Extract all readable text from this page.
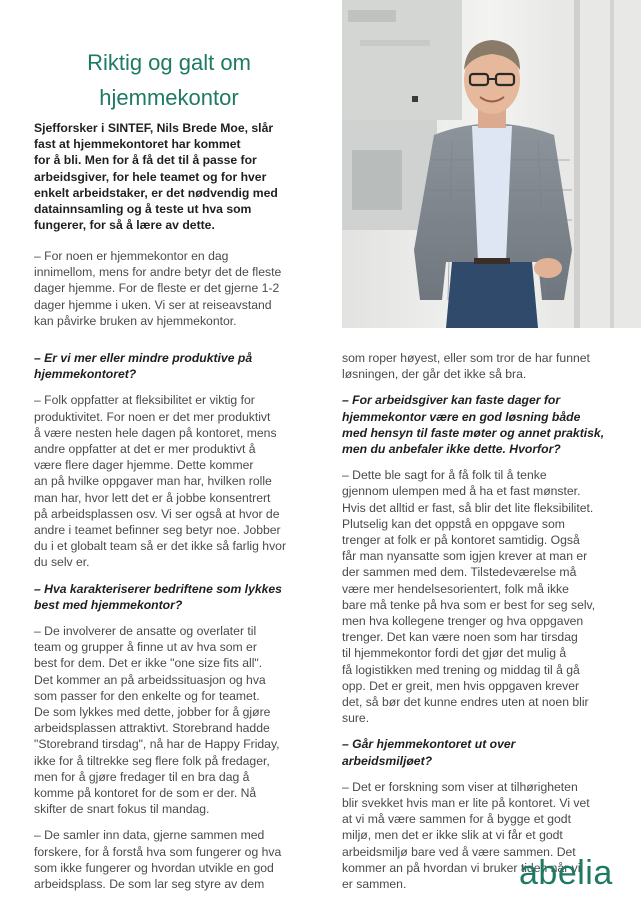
Riktig og galt om
hjemmekontor
Sjefforsker i SINTEF, Nils Brede Moe, slår
fast at hjemmekontoret har kommet
for å bli. Men for å få det til å passe for
arbeidsgiver, for hele teamet og for hver
enkelt arbeidstaker, er det nødvendig med
datainnsamling og å teste ut hva som
fungerer, for så å lære av dette.
– For noen er hjemmekontor en dag
innimellom, mens for andre betyr det de fleste
dager hjemme. For de fleste er det gjerne 1-2
dager hjemme i uken. Vi ser at reiseavstand
kan påvirke bruken av hjemmekontor.

– Er vi mer eller mindre produktive på
hjemmekontoret?

– Folk oppfatter at fleksibilitet er viktig for
produktivitet. For noen er det mer produktivt
å være nesten hele dagen på kontoret, mens
andre oppfatter at det er mer produktivt å
være flere dager hjemme. Dette kommer
an på hvilke oppgaver man har, hvilken rolle
man har, hvor lett det er å jobbe konsentrert
på arbeidsplassen osv. Vi ser også at hvor de
andre i teamet befinner seg betyr noe. Jobber
du i et globalt team så er det ikke så farlig hvor
du selv er.

– Hva karakteriserer bedriftene som lykkes
best med hjemmekontor?

– De involverer de ansatte og overlater til
team og grupper å finne ut av hva som er
best for dem. Det er ikke "one size fits all".
Det kommer an på arbeidssituasjon og hva
som passer for den enkelte og for teamet.
De som lykkes med dette, jobber for å gjøre
arbeidsplassen attraktivt. Storebrand hadde
"Storebrand tirsdag", nå har de Happy Friday,
ikke for å tiltrekke seg flere folk på fredager,
men for å gjøre fredager til en bra dag å
komme på kontoret for de som er der. Nå
skifter de snart fokus til mandag.

– De samler inn data, gjerne sammen med
forskere, for å forstå hva som fungerer og hva
som ikke fungerer og hvordan utvikle en god
arbeidsplass. De som lar seg styre av dem

som roper høyest, eller som tror de har funnet
løsningen, der går det ikke så bra.

– For arbeidsgiver kan faste dager for
hjemmekontor være en god løsning både
med hensyn til faste møter og annet praktisk,
men du anbefaler ikke dette. Hvorfor?

– Dette ble sagt for å få folk til å tenke
gjennom ulempen med å ha et fast mønster.
Hvis det alltid er fast, så blir det lite fleksibilitet.
Plutselig kan det oppstå en oppgave som
trenger at folk er på kontoret samtidig. Også
får man nyansatte som igjen krever at man er
der sammen med dem. Tilstedeværelse må
være mer hendelsesorientert, folk må ikke
bare må tenke på hva som er best for seg selv,
men hva kollegene trenger og hva oppgaven
trenger. Det kan være noen som har tirsdag
til hjemmekontor fordi det gjør det mulig å
få logistikken med trening og middag til å gå
opp. Det er greit, men hvis oppgaven krever
det, så bør det kunne endres uten at noen blir
sure.

– Går hjemmekontoret ut over
arbeidsmiljøet?

– Det er forskning som viser at tilhørigheten
blir svekket hvis man er lite på kontoret. Vi vet
at vi må være sammen for å bygge et godt
miljø, men det er ikke slik at vi får et godt
arbeidsmiljø bare ved å være sammen. Det
kommer an på hvordan vi bruker tiden når vi
er sammen.	abelia
